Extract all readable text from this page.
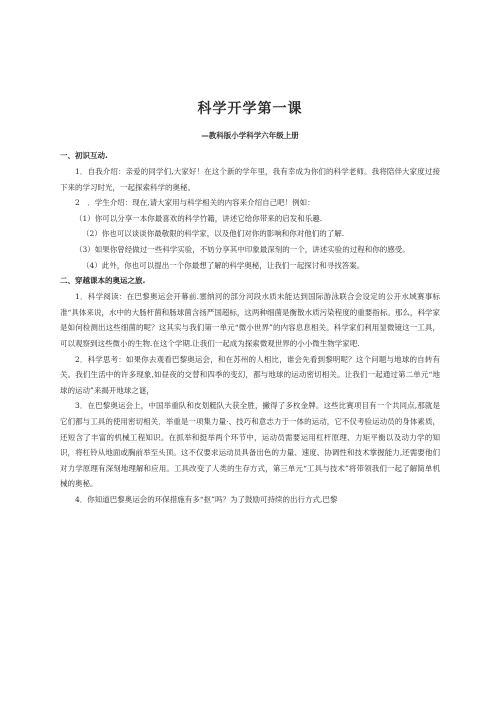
科学开学第一课
—教科版小学科学六年级上册
一、初识互动.

1．自我介绍：亲爱的同学们,大家好！在这个新的学年里，我有幸成为你们的科学老师。我将陪伴大家度过接下来的学习时光，一起探索科学的奥秘。

2　．学生介绍：现在,请大家用与科学相关的内容来介绍自己吧！例如：

（1）你可以分享一本你最喜欢的科学竹籍，讲述它给你带来的启发和乐趣.

（2）你也可以谈谈你最敬限的科学家，以及他们对你的影响和你对他们的了解.

（3）如果你曾经做过一些科学实验，不妨分享其中印象最深刻的一个，讲述实验的过程和你的感受。

（4）此外，你也可以提出一个你最想了解的科学奥秘，让我们一起探讨和寻找答案。

二、穿越课本的奥运之旅.

1．科学阅读：在巴黎奥运会开幕前.塞纳河的部分河段水质未能达到国际游泳联合会设定的公开水域赛事标准“具体来说，水中的大肠杆菌和肠球菌含扬严国超标，这两种细菌是衡散水质污染程度的重要指标。那么，科学家是如何检测出这些细菌的呢？这其实与我们第一单元“微小世界”的内容息息相关。科学家们利用显微镜这一工具，可以观察到这些微小的生物.在这个学期.让我们一起成为探索微观世界的小小微生物学家吧.

2．科学思考：如果你去观看巴黎奥运会，和在苏州的人相比，谁会先看到黎明呢？这个问题与地球的自转有关。我们生活中的许多现象,如昼夜的交替和四季的变幻，都与地球的运动密切相关。让我们一起通过第二单元“地球的运动”来揭开地球之谜，

3．在巴黎奥运会上，中国举重队和皮划艇队大获全胜，撇得了多枚金牌。这些比赛项目有一个共同点,那就是它们都与工具的使用密切相关．举重是一项集力量·、技巧和意志力于一体的运动，它不仅考验运动员的身体素质，还短含了丰富的机械工程知识。在抓举和挺举两个环节中，运动员需要运用杠杆原理、力矩平衡以及动力学的知识，将杠铃从地面或胸前举至头顶。这不仅要求运动员具备出色的力量、速度、协调性和技术掌握能力,还需要他们对力学原理有深刻地理解和应用。工具改变了人类的生存方式，第三单元“工具与技术”将带领我们一起了解简单机械的奥秘。

4．你知道巴黎奥运会的环保措施有多“抠”吗？为了鼓励可持续的出行方式,巴黎
